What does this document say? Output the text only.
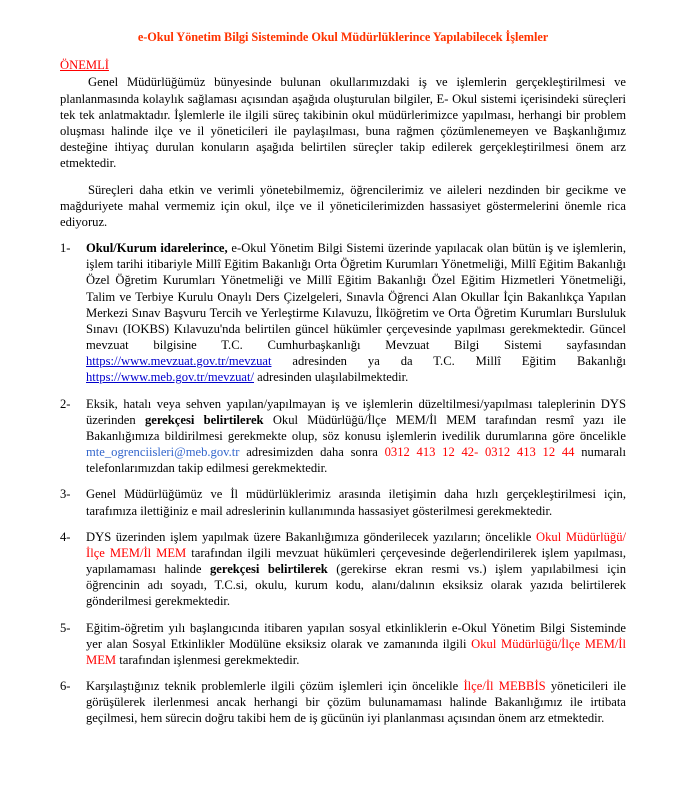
e-Okul Yönetim Bilgi Sisteminde Okul Müdürlüklerince Yapılabilecek İşlemler
ÖNEMLİ

Genel Müdürlüğümüz bünyesinde bulunan okullarımızdaki iş ve işlemlerin gerçekleştirilmesi ve planlanmasında kolaylık sağlaması açısından aşağıda oluşturulan bilgiler, E- Okul sistemi içerisindeki süreçleri tek tek anlatmaktadır. İşlemlerle ile ilgili süreç takibinin okul müdürlerimizce yapılması, herhangi bir problem oluşması halinde ilçe ve il yöneticileri ile paylaşılması, buna rağmen çözümlenemeyen ve Başkanlığımız desteğine ihtiyaç durulan konuların aşağıda belirtilen süreçler takip edilerek gerçekleştirilmesi önem arz etmektedir.

Süreçleri daha etkin ve verimli yönetebilmemiz, öğrencilerimiz ve aileleri nezdinden bir gecikme ve mağduriyete mahal vermemiz için okul, ilçe ve il yöneticilerimizden hassasiyet göstermelerini önemle rica ediyoruz.

1-	Okul/Kurum idarelerince, e-Okul Yönetim Bilgi Sistemi üzerinde yapılacak olan bütün iş ve işlemlerin, işlem tarihi itibariyle Millî Eğitim Bakanlığı Orta Öğretim Kurumları Yönetmeliği, Millî Eğitim Bakanlığı Özel Öğretim Kurumları Yönetmeliği ve Millî Eğitim Bakanlığı Özel Eğitim Hizmetleri Yönetmeliği, Talim ve Terbiye Kurulu Onaylı Ders Çizelgeleri, Sınavla Öğrenci Alan Okullar İçin Bakanlıkça Yapılan Merkezi Sınav Başvuru Tercih ve Yerleştirme Kılavuzu, İlköğretim ve Orta Öğretim Kurumları Bursluluk Sınavı (IOKBS) Kılavuzu'nda belirtilen güncel hükümler çerçevesinde yapılması gerekmektedir. Güncel mevzuat bilgisine T.C. Cumhurbaşkanlığı Mevzuat Bilgi Sistemi sayfasından https://www.mevzuat.gov.tr/mevzuat adresinden ya da T.C. Millî Eğitim Bakanlığı https://www.meb.gov.tr/mevzuat/ adresinden ulaşılabilmektedir.
2-	Eksik, hatalı veya sehven yapılan/yapılmayan iş ve işlemlerin düzeltilmesi/yapılması taleplerinin DYS üzerinden gerekçesi belirtilerek Okul Müdürlüğü/İlçe MEM/İl MEM tarafından resmî yazı ile Bakanlığımıza bildirilmesi gerekmekte olup, söz konusu işlemlerin ivedilik durumlarına göre öncelikle mte_ogrenciisleri@meb.gov.tr adresimizden daha sonra 0312 413 12 42- 0312 413 12 44 numaralı telefonlarımızdan takip edilmesi gerekmektedir.
3-	Genel Müdürlüğümüz ve İl müdürlüklerimiz arasında iletişimin daha hızlı gerçekleştirilmesi için, tarafımıza ilettiğiniz e mail adreslerinin kullanımında hassasiyet gösterilmesi gerekmektedir.
4-	DYS üzerinden işlem yapılmak üzere Bakanlığımıza gönderilecek yazıların; öncelikle Okul Müdürlüğü/İlçe MEM/İl MEM tarafından ilgili mevzuat hükümleri çerçevesinde değerlendirilerek işlem yapılması, yapılamaması halinde gerekçesi belirtilerek (gerekirse ekran resmi vs.) işlem yapılabilmesi için öğrencinin adı soyadı, T.C.si, okulu, kurum kodu, alanı/dalının eksiksiz olarak yazıda belirtilerek gönderilmesi gerekmektedir.
5-	Eğitim-öğretim yılı başlangıcında itibaren yapılan sosyal etkinliklerin e-Okul Yönetim Bilgi Sisteminde yer alan Sosyal Etkinlikler Modülüne eksiksiz olarak ve zamanında ilgili Okul Müdürlüğü/İlçe MEM/İl MEM tarafından işlenmesi gerekmektedir.
6-	Karşılaştığınız teknik problemlerle ilgili çözüm işlemleri için öncelikle İlçe/İl MEBBİS yöneticileri ile görüşülerek ilerlenmesi ancak herhangi bir çözüm bulunamaması halinde Bakanlığımız ile irtibata geçilmesi, hem sürecin doğru takibi hem de iş gücünün iyi planlanması açısından önem arz etmektedir.
